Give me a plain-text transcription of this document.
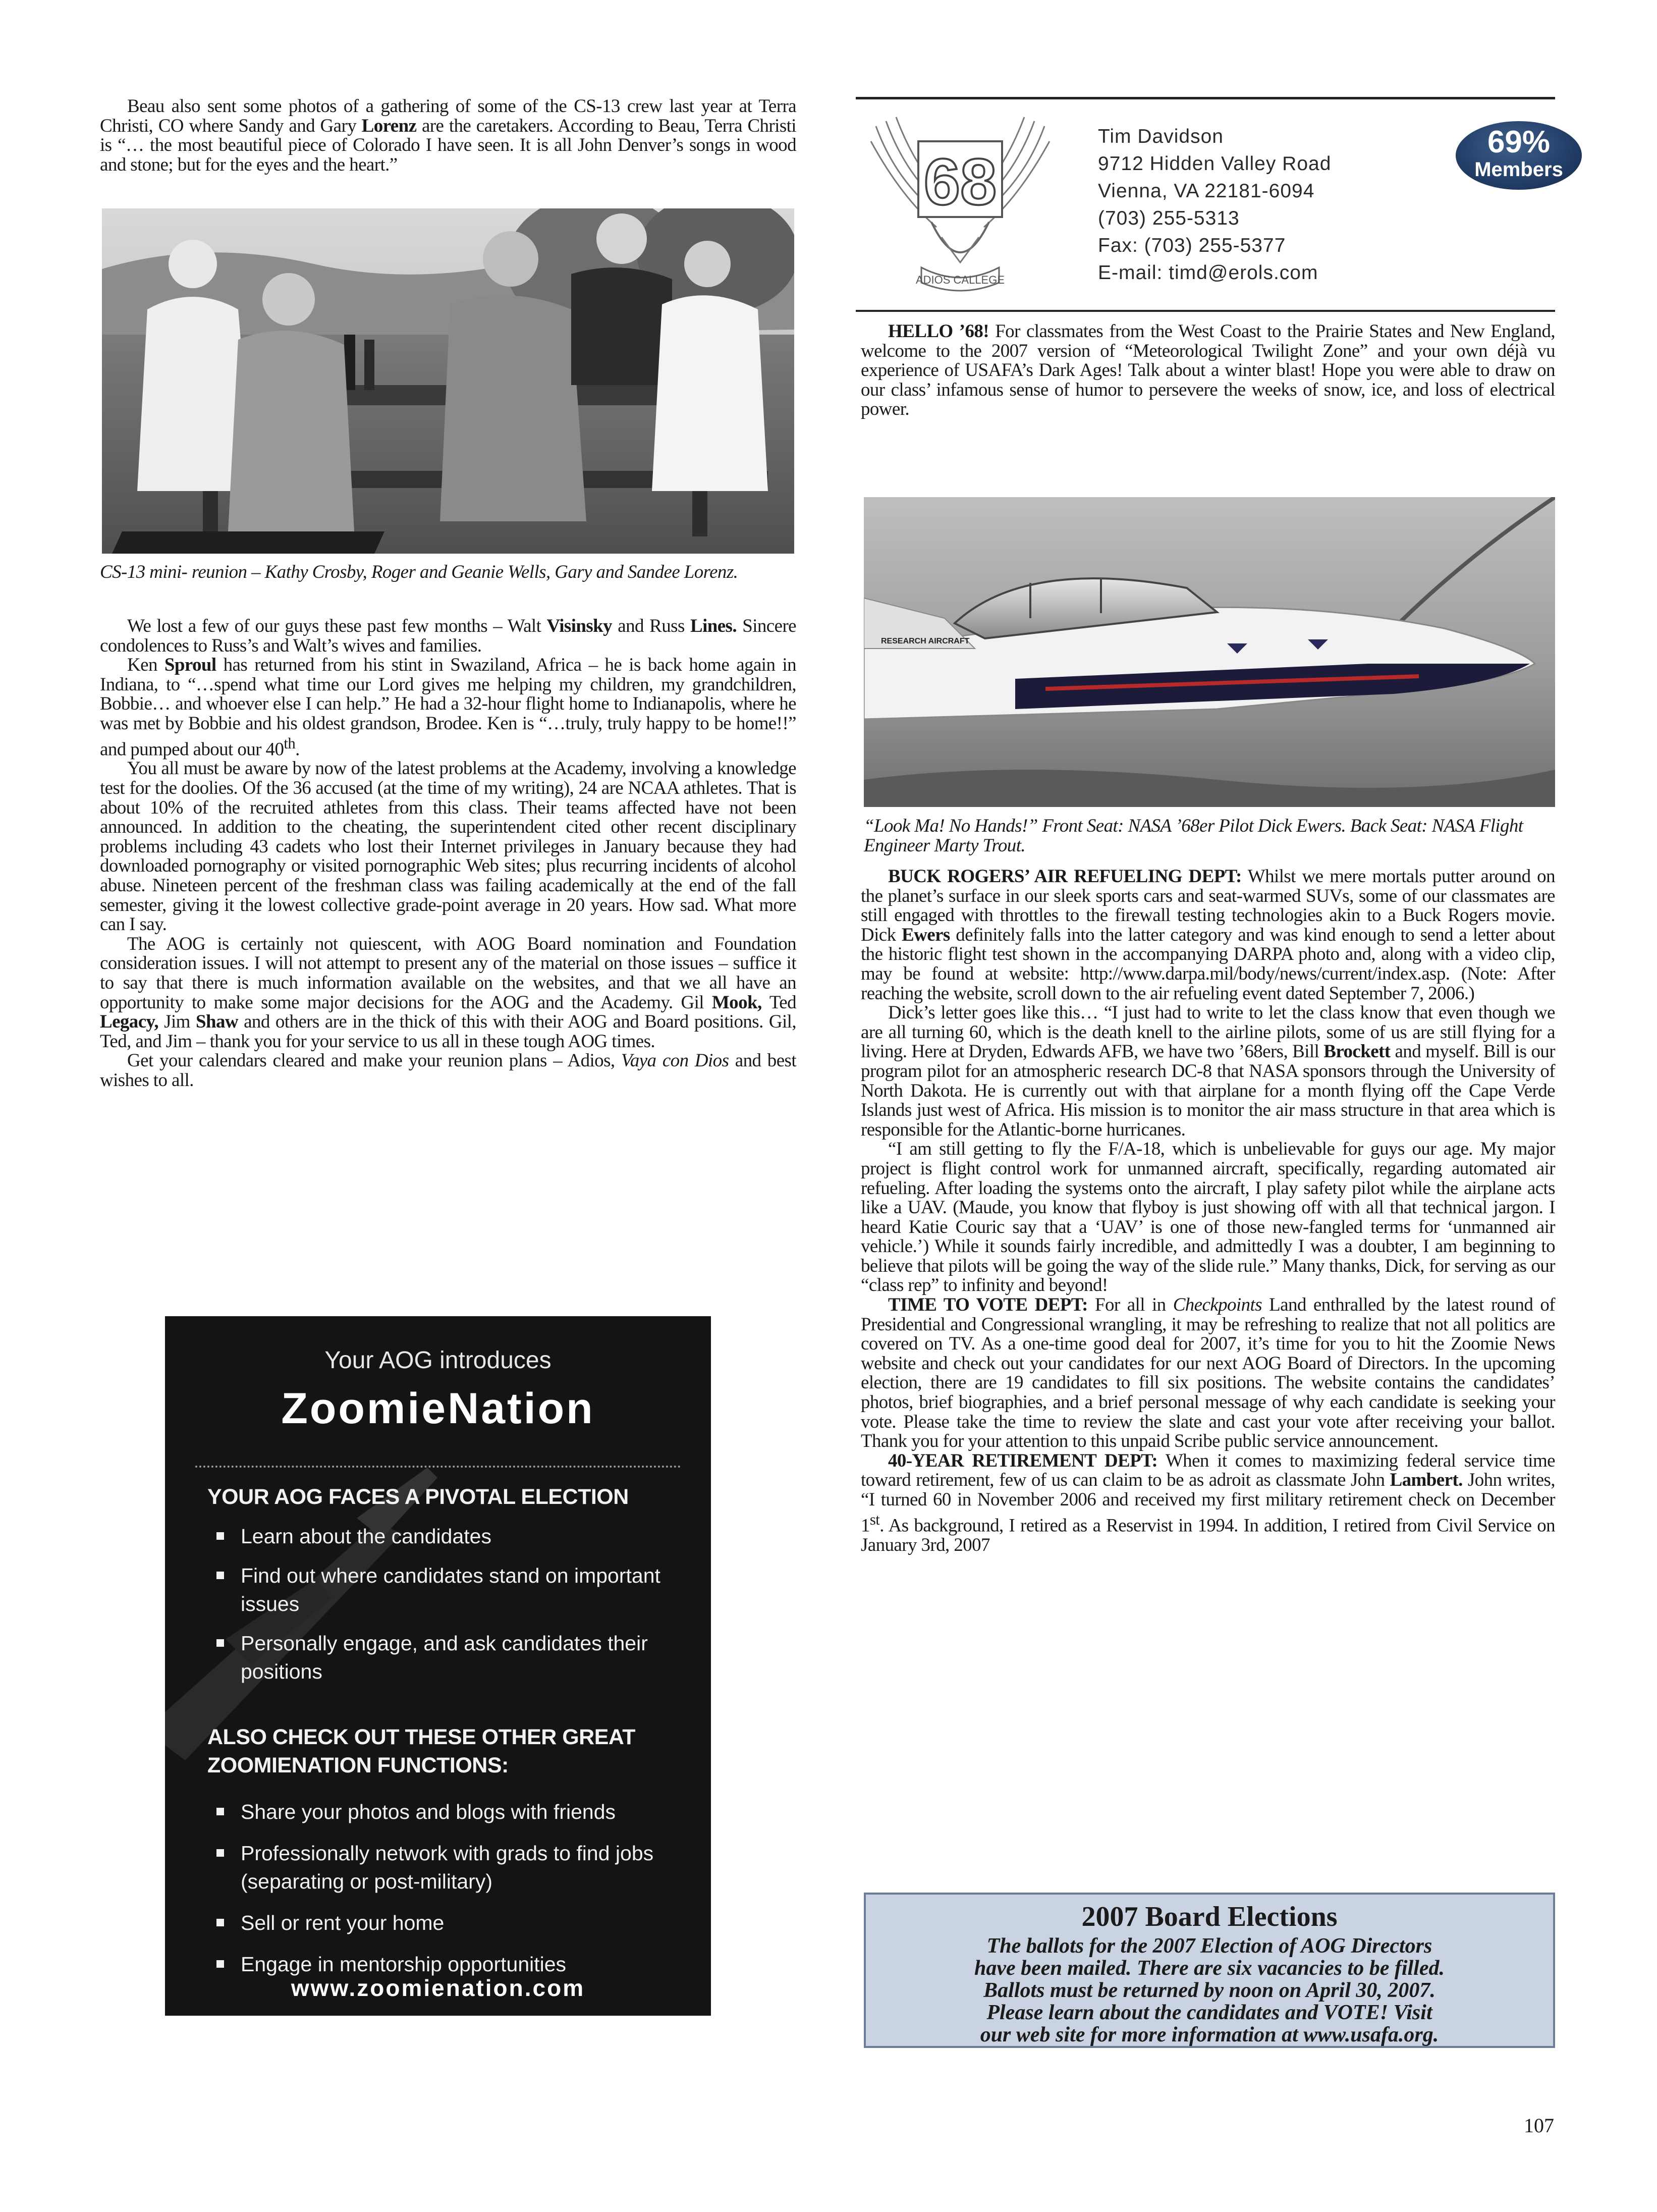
Beau also sent some photos of a gathering of some of the CS-13 crew last year at Terra Christi, CO where Sandy and Gary Lorenz are the caretakers. According to Beau, Terra Christi is “… the most beautiful piece of Colorado I have seen. It is all John Denver’s songs in wood and stone; but for the eyes and the heart.”

CS-13 mini- reunion – Kathy Crosby, Roger and Geanie Wells, Gary and Sandee Lorenz.

We lost a few of our guys these past few months – Walt Visinsky and Russ Lines. Sincere condolences to Russ’s and Walt’s wives and families.

Ken Sproul has returned from his stint in Swaziland, Africa – he is back home again in Indiana, to “…spend what time our Lord gives me helping my children, my grandchildren, Bobbie… and whoever else I can help.” He had a 32-hour flight home to Indianapolis, where he was met by Bobbie and his oldest grandson, Brodee. Ken is “…truly, truly happy to be home!!” and pumped about our 40th.

You all must be aware by now of the latest problems at the Academy, involving a knowledge test for the doolies. Of the 36 accused (at the time of my writing), 24 are NCAA athletes. That is about 10% of the recruited athletes from this class. Their teams affected have not been announced. In addition to the cheating, the superintendent cited other recent disciplinary problems including 43 cadets who lost their Internet privileges in January because they had downloaded pornography or visited pornographic Web sites; plus recurring incidents of alcohol abuse. Nineteen percent of the freshman class was failing academically at the end of the fall semester, giving it the lowest collective grade-point average in 20 years. How sad. What more can I say.

The AOG is certainly not quiescent, with AOG Board nomination and Foundation consideration issues. I will not attempt to present any of the material on those issues – suffice it to say that there is much information available on the websites, and that we all have an opportunity to make some major decisions for the AOG and the Academy. Gil Mook, Ted Legacy, Jim Shaw and others are in the thick of this with their AOG and Board positions. Gil, Ted, and Jim – thank you for your service to us all in these tough AOG times.

Get your calendars cleared and make your reunion plans – Adios, Vaya con Dios and best wishes to all.

Your AOG introduces
ZoomieNation
YOUR AOG FACES A PIVOTAL ELECTION
Learn about the candidates
Find out where candidates stand on important issues
Personally engage, and ask candidates their positions
ALSO CHECK OUT THESE OTHER GREAT ZOOMIENATION FUNCTIONS:
Share your photos and blogs with friends
Professionally network with grads to find jobs (separating or post-military)
Sell or rent your home
Engage in mentorship opportunities
www.zoomienation.com
68
ADIOS CALLEGE
Tim Davidson
9712 Hidden Valley Road
Vienna, VA 22181-6094
(703) 255-5313
Fax: (703) 255-5377
E-mail: timd@erols.com
69%
Members

HELLO ’68! For classmates from the West Coast to the Prairie States and New England, welcome to the 2007 version of “Meteorological Twilight Zone” and your own déjà vu experience of USAFA’s Dark Ages! Talk about a winter blast! Hope you were able to draw on our class’ infamous sense of humor to persevere the weeks of snow, ice, and loss of electrical power.

RESEARCH AIRCRAFT

“Look Ma! No Hands!” Front Seat: NASA ’68er Pilot Dick Ewers. Back Seat: NASA Flight Engineer Marty Trout.

BUCK ROGERS’ AIR REFUELING DEPT: Whilst we mere mortals putter around on the planet’s surface in our sleek sports cars and seat-warmed SUVs, some of our classmates are still engaged with throttles to the firewall testing technologies akin to a Buck Rogers movie. Dick Ewers definitely falls into the latter category and was kind enough to send a letter about the historic flight test shown in the accompanying DARPA photo and, along with a video clip, may be found at website: http://www.darpa.mil/body/news/current/index.asp. (Note: After reaching the website, scroll down to the air refueling event dated September 7, 2006.)

Dick’s letter goes like this… “I just had to write to let the class know that even though we are all turning 60, which is the death knell to the airline pilots, some of us are still flying for a living. Here at Dryden, Edwards AFB, we have two ’68ers, Bill Brockett and myself. Bill is our program pilot for an atmospheric research DC-8 that NASA sponsors through the University of North Dakota. He is currently out with that airplane for a month flying off the Cape Verde Islands just west of Africa. His mission is to monitor the air mass structure in that area which is responsible for the Atlantic-borne hurricanes.

“I am still getting to fly the F/A-18, which is unbelievable for guys our age. My major project is flight control work for unmanned aircraft, specifically, regarding automated air refueling. After loading the systems onto the aircraft, I play safety pilot while the airplane acts like a UAV. (Maude, you know that flyboy is just showing off with all that technical jargon. I heard Katie Couric say that a ‘UAV’ is one of those new-fangled terms for ‘unmanned air vehicle.’) While it sounds fairly incredible, and admittedly I was a doubter, I am beginning to believe that pilots will be going the way of the slide rule.” Many thanks, Dick, for serving as our “class rep” to infinity and beyond!

TIME TO VOTE DEPT: For all in Checkpoints Land enthralled by the latest round of Presidential and Congressional wrangling, it may be refreshing to realize that not all politics are covered on TV. As a one-time good deal for 2007, it’s time for you to hit the Zoomie News website and check out your candidates for our next AOG Board of Directors. In the upcoming election, there are 19 candidates to fill six positions. The website contains the candidates’ photos, brief biographies, and a brief personal message of why each candidate is seeking your vote. Please take the time to review the slate and cast your vote after receiving your ballot. Thank you for your attention to this unpaid Scribe public service announcement.

40-YEAR RETIREMENT DEPT: When it comes to maximizing federal service time toward retirement, few of us can claim to be as adroit as classmate John Lambert. John writes, “I turned 60 in November 2006 and received my first military retirement check on December 1st. As background, I retired as a Reservist in 1994. In addition, I retired from Civil Service on January 3rd, 2007

2007 Board Elections
The ballots for the 2007 Election of AOG Directors
have been mailed. There are six vacancies to be filled.
Ballots must be returned by noon on April 30, 2007.
Please learn about the candidates and VOTE! Visit
our web site for more information at www.usafa.org.
107
